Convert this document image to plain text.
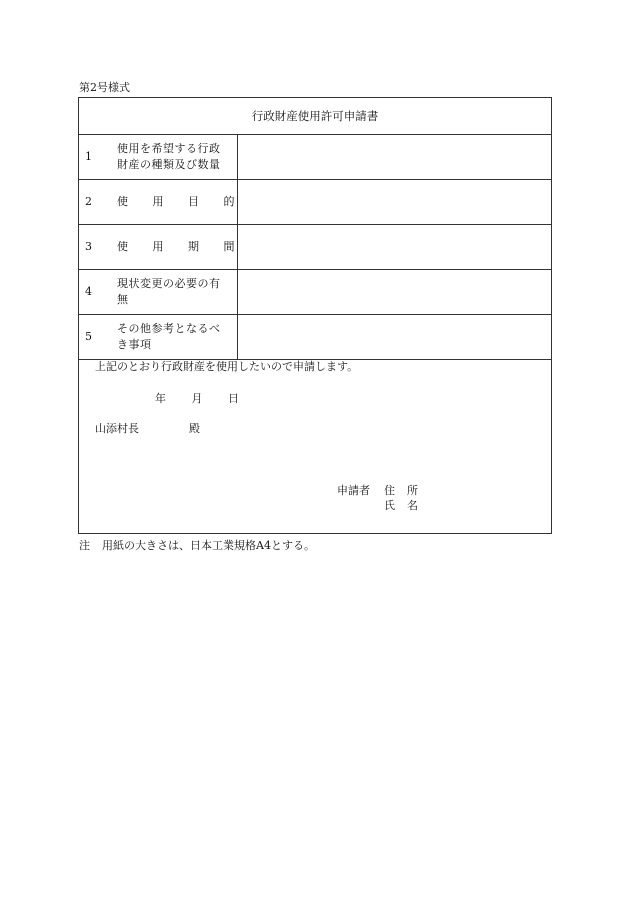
第2号様式
行政財産使用許可申請書
1
使用を希望する行政
財産の種類及び数量
2 使 用 目 的
3 使 用 期 間
4
現状変更の必要の有
無
5
その他参考となるべ
き事項
上記のとおり行政財産を使用したいので申請します。
年 月 日
山添村長	殿
申請者 住 所
氏 名
注 用紙の大きさは、日本工業規格A4とする。
